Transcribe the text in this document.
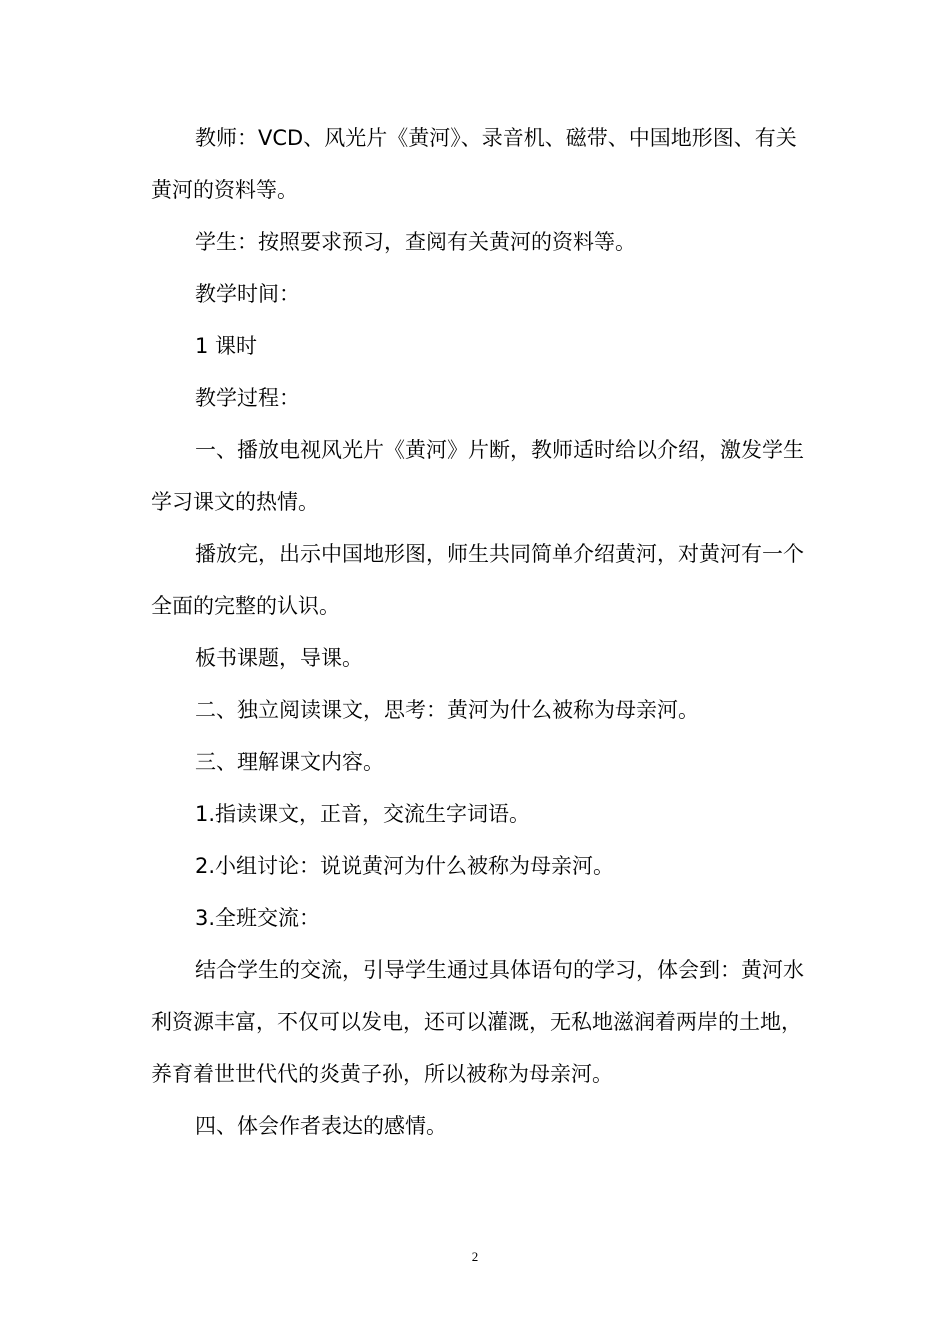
教师：VCD、风光片《黄河》、录音机、磁带、中国地形图、有关黄河的资料等。

学生：按照要求预习，查阅有关黄河的资料等。

教学时间：

1 课时

教学过程：

一、播放电视风光片《黄河》片断，教师适时给以介绍，激发学生学习课文的热情。

播放完，出示中国地形图，师生共同简单介绍黄河，对黄河有一个全面的完整的认识。

板书课题，导课。

二、独立阅读课文，思考：黄河为什么被称为母亲河。

三、理解课文内容。

1.指读课文，正音，交流生字词语。

2.小组讨论：说说黄河为什么被称为母亲河。

3.全班交流：

结合学生的交流，引导学生通过具体语句的学习，体会到：黄河水利资源丰富，不仅可以发电，还可以灌溉，无私地滋润着两岸的土地，养育着世世代代的炎黄子孙，所以被称为母亲河。

四、体会作者表达的感情。

2
